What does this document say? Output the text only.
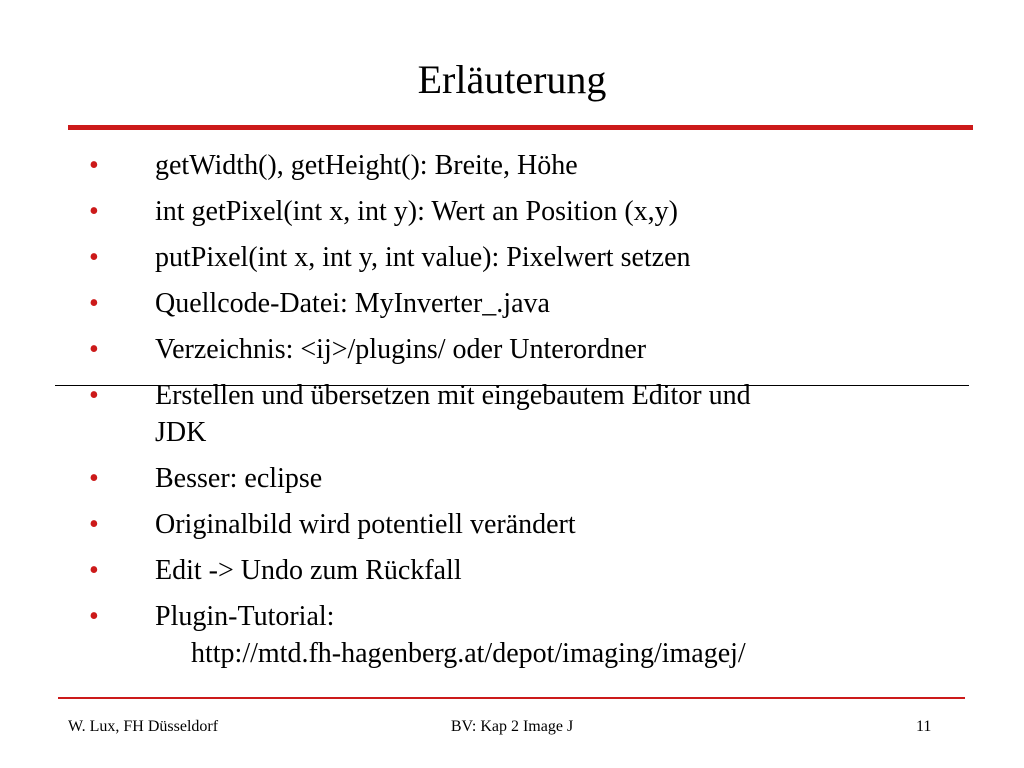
Erläuterung
• getWidth(), getHeight(): Breite, Höhe
• int getPixel(int x, int y): Wert an Position (x,y)
• putPixel(int x, int y, int value): Pixelwert setzen
• Quellcode-Datei: MyInverter_.java
• Verzeichnis: <ij>/plugins/ oder Unterordner
• Erstellen und übersetzen mit eingebautem Editor und
JDK
• Besser: eclipse
• Originalbild wird potentiell verändert
• Edit -> Undo zum Rückfall
• Plugin-Tutorial:
http://mtd.fh-hagenberg.at/depot/imaging/imagej/
W. Lux, FH Düsseldorf	BV: Kap 2 Image J	11
